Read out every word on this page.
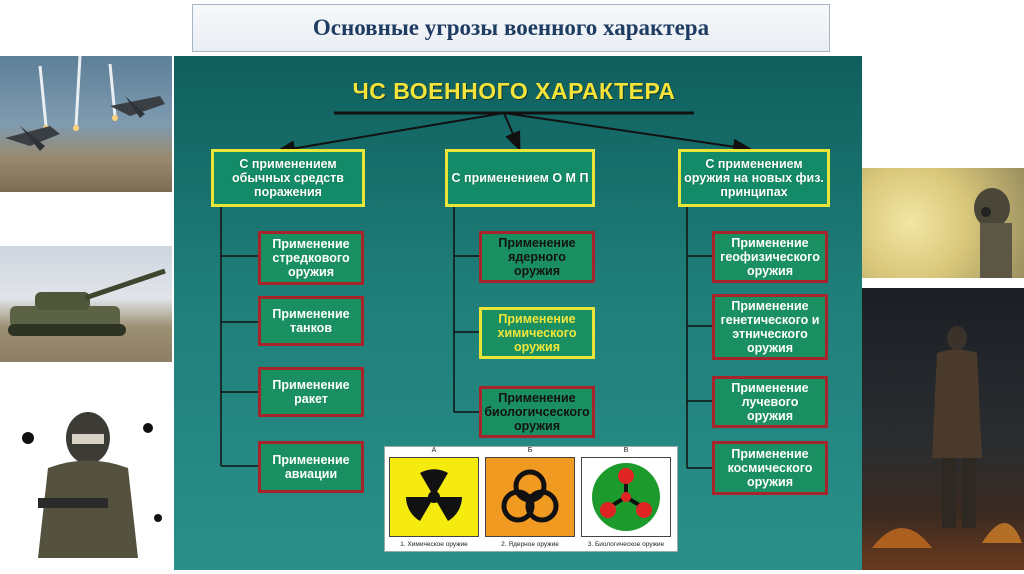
Основные угрозы военного характера
ЧС ВОЕННОГО ХАРАКТЕРА
С применением обычных средств поражения
С применением О М П
С применением оружия на новых физ. принципах
Применение стредкового оружия
Применение танков
Применение ракет
Применение авиации
Применение ядерного оружия
Применение химического оружия
Применение биологичсеского оружия
Применение геофизического оружия
Применение генетического и этнического оружия
Применение лучевого оружия
Применение космического оружия
А	Б	В
1. Химическое оружие	2. Ядерное оружие	3. Биологическое оружие
